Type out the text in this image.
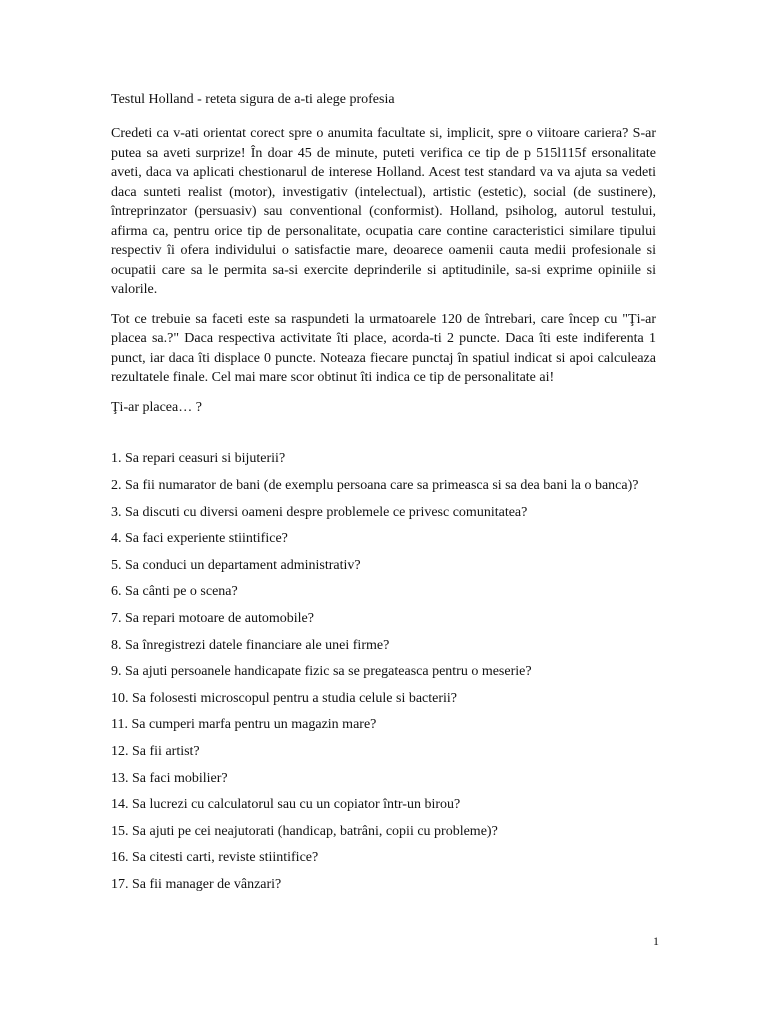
Testul Holland - reteta sigura de a-ti alege profesia

Credeti ca v-ati orientat corect spre o anumita facultate si, implicit, spre o viitoare cariera? S-ar putea sa aveti surprize! În doar 45 de minute, puteti verifica ce tip de p 515l115f ersonalitate aveti, daca va aplicati chestionarul de interese Holland. Acest test standard va va ajuta sa vedeti daca sunteti realist (motor), investigativ (intelectual), artistic (estetic), social (de sustinere), întreprinzator (persuasiv) sau conventional (conformist). Holland, psiholog, autorul testului, afirma ca, pentru orice tip de personalitate, ocupatia care contine caracteristici similare tipului respectiv îi ofera individului o satisfactie mare, deoarece oamenii cauta medii profesionale si ocupatii care sa le permita sa-si exercite deprinderile si aptitudinile, sa-si exprime opiniile si valorile.

Tot ce trebuie sa faceti este sa raspundeti la urmatoarele 120 de întrebari, care încep cu "Ţi-ar placea sa.?" Daca respectiva activitate îti place, acorda-ti 2 puncte. Daca îti este indiferenta 1 punct, iar daca îti displace 0 puncte. Noteaza fiecare punctaj în spatiul indicat si apoi calculeaza rezultatele finale. Cel mai mare scor obtinut îti indica ce tip de personalitate ai!

Ţi-ar placea… ?

1. Sa repari ceasuri si bijuterii?
2. Sa fii numarator de bani (de exemplu persoana care sa primeasca si sa dea bani la o banca)?
3. Sa discuti cu diversi oameni despre problemele ce privesc comunitatea?
4. Sa faci experiente stiintifice?
5. Sa conduci un departament administrativ?
6. Sa cânti pe o scena?
7. Sa repari motoare de automobile?
8. Sa înregistrezi datele financiare ale unei firme?
9. Sa ajuti persoanele handicapate fizic sa se pregateasca pentru o meserie?
10. Sa folosesti microscopul pentru a studia celule si bacterii?
11. Sa cumperi marfa pentru un magazin mare?
12. Sa fii artist?
13. Sa faci mobilier?
14. Sa lucrezi cu calculatorul sau cu un copiator într-un birou?
15. Sa ajuti pe cei neajutorati (handicap, batrâni, copii cu probleme)?
16. Sa citesti carti, reviste stiintifice?
17. Sa fii manager de vânzari?
1
